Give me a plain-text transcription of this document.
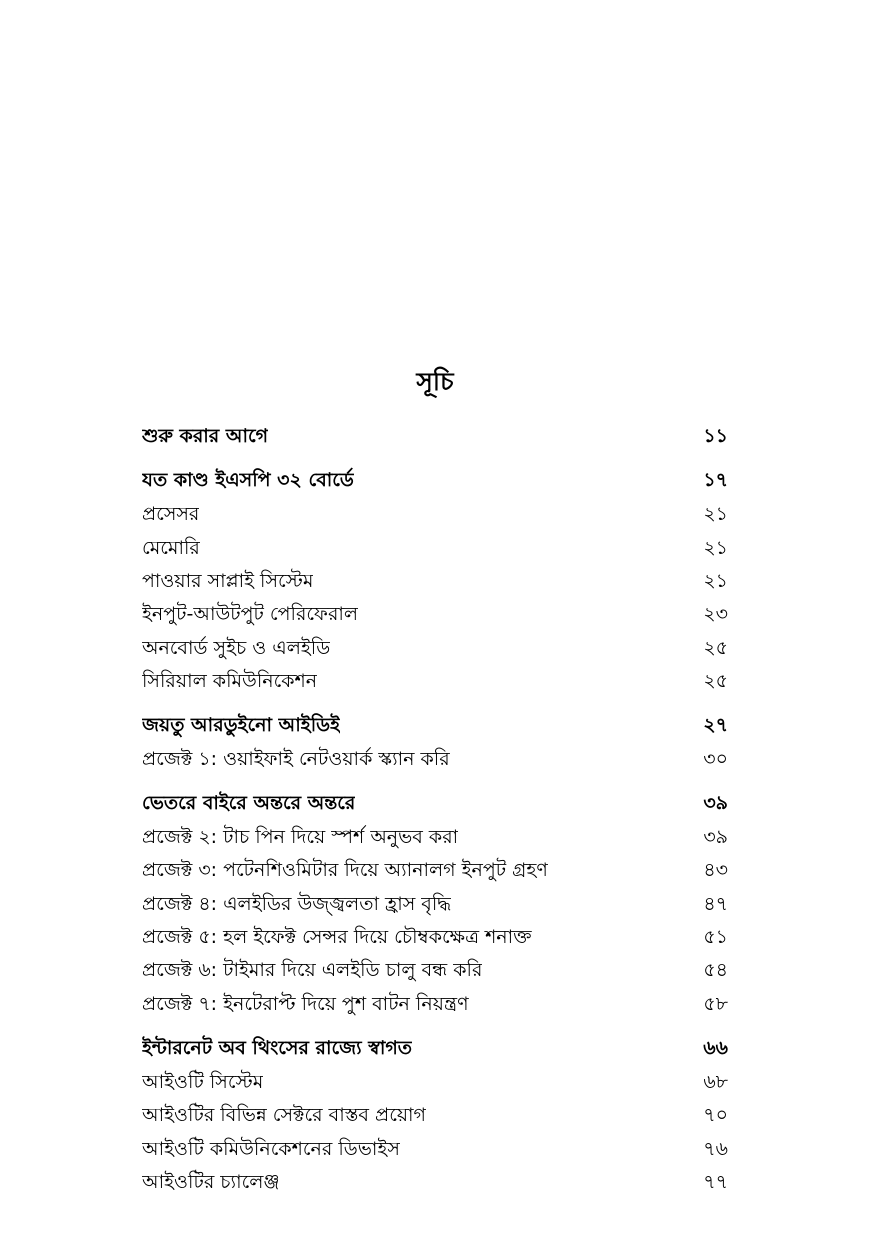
সূচি
শুরু করার আগে	১১
যত কাণ্ড ইএসপি ৩২ বোর্ডে	১৭
প্রসেসর	২১
মেমোরি	২১
পাওয়ার সাপ্লাই সিস্টেম	২১
ইনপুট-আউটপুট পেরিফেরাল	২৩
অনবোর্ড সুইচ ও এলইডি	২৫
সিরিয়াল কমিউনিকেশন	২৫
জয়তু আরডুইনো আইডিই	২৭
প্রজেক্ট ১: ওয়াইফাই নেটওয়ার্ক স্ক্যান করি	৩০
ভেতরে বাইরে অন্তরে অন্তরে	৩৯
প্রজেক্ট ২: টাচ পিন দিয়ে স্পর্শ অনুভব করা	৩৯
প্রজেক্ট ৩: পটেনশিওমিটার দিয়ে অ্যানালগ ইনপুট গ্রহণ	৪৩
প্রজেক্ট ৪: এলইডির উজ্জ্বলতা হ্রাস বৃদ্ধি	৪৭
প্রজেক্ট ৫: হল ইফেক্ট সেন্সর দিয়ে চৌম্বকক্ষেত্র শনাক্ত	৫১
প্রজেক্ট ৬: টাইমার দিয়ে এলইডি চালু বন্ধ করি	৫৪
প্রজেক্ট ৭: ইনটেরাপ্ট দিয়ে পুশ বাটন নিয়ন্ত্রণ	৫৮
ইন্টারনেট অব থিংসের রাজ্যে স্বাগত	৬৬
আইওটি সিস্টেম	৬৮
আইওটির বিভিন্ন সেক্টরে বাস্তব প্রয়োগ	৭০
আইওটি কমিউনিকেশনের ডিভাইস	৭৬
আইওটির চ্যালেঞ্জ	৭৭
